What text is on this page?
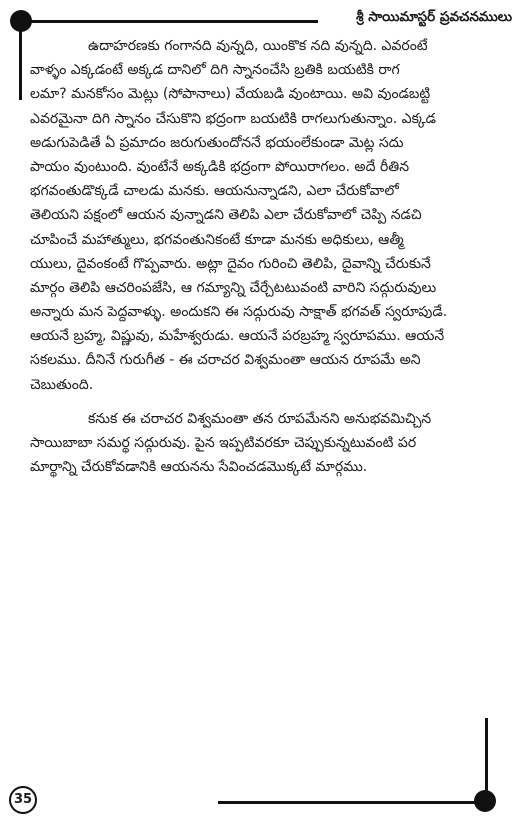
శ్రీ సాయిమాస్టర్ ప్రవచనములు
ఉదాహరణకు గంగానది వున్నది, యింకొక నది వున్నది. ఎవరంటే
వాళ్ళం ఎక్కడంటే అక్కడ దానిలో దిగి స్నానంచేసి బ్రతికి బయటికి రాగ
లమా? మనకోసం మెట్లు (సోపానాలు) వేయబడి వుంటాయి. అవి వుండబట్టి
ఎవరమైనా దిగి స్నానం చేసుకొని భద్రంగా బయటికి రాగలుగుతున్నాం. ఎక్కడ
అడుగుపెడితే ఏ ప్రమాదం జరుగుతుందోననే భయంలేకుండా మెట్ల సదు
పాయం వుంటుంది. వుంటేనే అక్కడికి భద్రంగా పోయిరాగలం. అదే రీతిన
భగవంతుడొక్కడే చాలడు మనకు. ఆయనున్నాడని, ఎలా చేరుకోవాలో
తెలియని పక్షంలో ఆయన వున్నాడని తెలిపి ఎలా చేరుకోవాలో చెప్పి నడచి
చూపించే మహాత్ములు, భగవంతునికంటే కూడా మనకు అధికులు, ఆత్మీ
యులు, దైవంకంటే గొప్పవారు. అట్లా దైవం గురించి తెలిపి, దైవాన్ని చేరుకునే
మార్గం తెలిపి ఆచరింపజేసి, ఆ గమ్యాన్ని చేర్చేటటువంటి వారిని సద్గురువులు
అన్నారు మన పెద్దవాళ్ళు. అందుకని ఈ సద్గురువు సాక్షాత్ భగవత్ స్వరూపుడే.
ఆయనే బ్రహ్మ, విష్ణువు, మహేశ్వరుడు. ఆయనే పరబ్రహ్మ స్వరూపము. ఆయనే
సకలము. దీనినే గురుగీత - ఈ చరాచర విశ్వమంతా ఆయన రూపమే అని
చెబుతుంది.
కనుక ఈ చరాచర విశ్వమంతా తన రూపమేనని అనుభవమిచ్చిన
సాయిబాబా సమర్థ సద్గురువు. పైన ఇప్పటివరకూ చెప్పుకున్నటువంటి పర
మార్థాన్ని చేరుకోవడానికి ఆయనను సేవించడమొక్కటే మార్గము.
35
